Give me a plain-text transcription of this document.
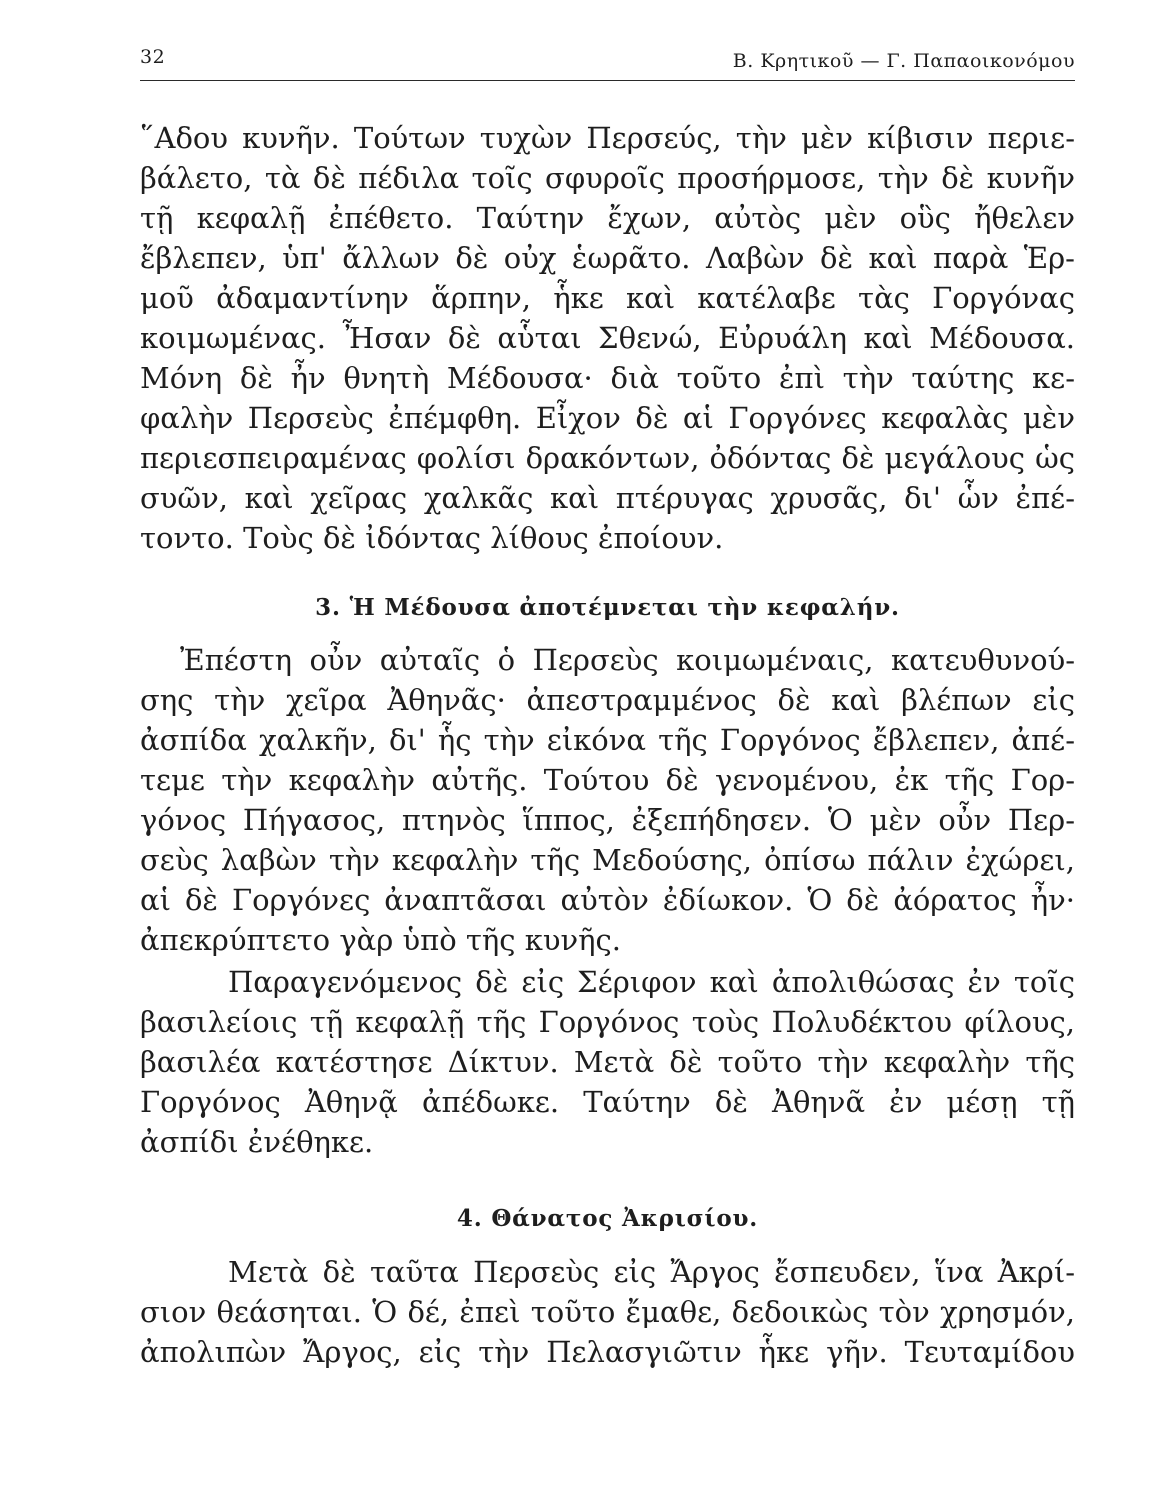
32	Β. Κρητικοῦ — Γ. Παπαοικονόμου

῞Αδου κυνῆν. Τούτων τυχὼν Περσεύς, τὴν μὲν κίβισιν περιε-
βάλετο, τὰ δὲ πέδιλα τοῖς σφυροῖς προσήρμοσε, τὴν δὲ κυνῆν
τῇ κεφαλῇ ἐπέθετο. Ταύτην ἔχων, αὐτὸς μὲν οὓς ἤθελεν
ἔβλεπεν, ὑπ' ἄλλων δὲ οὐχ ἑωρᾶτο. Λαβὼν δὲ καὶ παρὰ Ἑρ-
μοῦ ἀδαμαντίνην ἅρπην, ἧκε καὶ κατέλαβε τὰς Γοργόνας
κοιμωμένας. Ἦσαν δὲ αὗται Σθενώ, Εὐρυάλη καὶ Μέδουσα.
Μόνη δὲ ἦν θνητὴ Μέδουσα· διὰ τοῦτο ἐπὶ τὴν ταύτης κε-
φαλὴν Περσεὺς ἐπέμφθη. Εἶχον δὲ αἱ Γοργόνες κεφαλὰς μὲν
περιεσπειραμένας φολίσι δρακόντων, ὀδόντας δὲ μεγάλους ὡς
συῶν, καὶ χεῖρας χαλκᾶς καὶ πτέρυγας χρυσᾶς, δι' ὧν ἐπέ-
τοντο. Τοὺς δὲ ἰδόντας λίθους ἐποίουν.

3. Ἡ Μέδουσα ἀποτέμνεται τὴν κεφαλήν.

Ἐπέστη οὖν αὐταῖς ὁ Περσεὺς κοιμωμέναις, κατευθυνού-
σης τὴν χεῖρα Ἀθηνᾶς· ἀπεστραμμένος δὲ καὶ βλέπων εἰς
ἀσπίδα χαλκῆν, δι' ἧς τὴν εἰκόνα τῆς Γοργόνος ἔβλεπεν, ἀπέ-
τεμε τὴν κεφαλὴν αὐτῆς. Τούτου δὲ γενομένου, ἐκ τῆς Γορ-
γόνος Πήγασος, πτηνὸς ἵππος, ἐξεπήδησεν. Ὁ μὲν οὖν Περ-
σεὺς λαβὼν τὴν κεφαλὴν τῆς Μεδούσης, ὀπίσω πάλιν ἐχώρει,
αἱ δὲ Γοργόνες ἀναπτᾶσαι αὐτὸν ἐδίωκον. Ὁ δὲ ἀόρατος ἦν·
ἀπεκρύπτετο γὰρ ὑπὸ τῆς κυνῆς.

Παραγενόμενος δὲ εἰς Σέριφον καὶ ἀπολιθώσας ἐν τοῖς
βασιλείοις τῇ κεφαλῇ τῆς Γοργόνος τοὺς Πολυδέκτου φίλους,
βασιλέα κατέστησε Δίκτυν. Μετὰ δὲ τοῦτο τὴν κεφαλὴν τῆς
Γοργόνος Ἀθηνᾷ ἀπέδωκε. Ταύτην δὲ Ἀθηνᾶ ἐν μέσῃ τῇ
ἀσπίδι ἐνέθηκε.

4. Θάνατος Ἀκρισίου.

Μετὰ δὲ ταῦτα Περσεὺς εἰς Ἄργος ἔσπευδεν, ἵνα Ἀκρί-
σιον θεάσηται. Ὁ δέ, ἐπεὶ τοῦτο ἔμαθε, δεδοικὼς τὸν χρησμόν,
ἀπολιπὼν Ἄργος, εἰς τὴν Πελασγιῶτιν ἧκε γῆν. Τευταμίδου
